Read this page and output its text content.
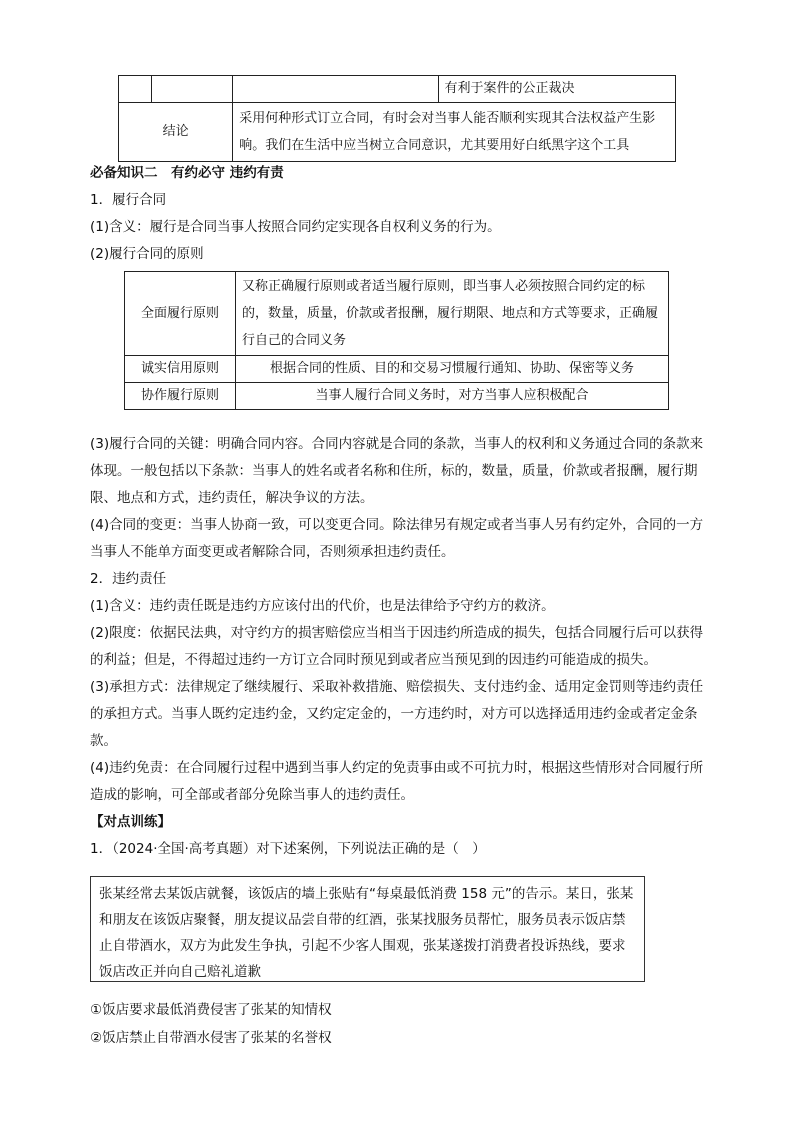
			有利于案件的公正裁决
结论		采用何种形式订立合同，有时会对当事人能否顺利实现其合法权益产生影响。我们在生活中应当树立合同意识，尤其要用好白纸黑字这个工具	

必备知识二　有约必守 违约有责

1．履行合同

(1)含义：履行是合同当事人按照合同约定实现各自权利义务的行为。

(2)履行合同的原则

全面履行原则	又称正确履行原则或者适当履行原则，即当事人必须按照合同约定的标的，数量，质量，价款或者报酬，履行期限、地点和方式等要求，正确履行自己的合同义务
诚实信用原则	根据合同的性质、目的和交易习惯履行通知、协助、保密等义务
协作履行原则	当事人履行合同义务时，对方当事人应积极配合

(3)履行合同的关键：明确合同内容。合同内容就是合同的条款，当事人的权利和义务通过合同的条款来体现。一般包括以下条款：当事人的姓名或者名称和住所，标的，数量，质量，价款或者报酬，履行期限、地点和方式，违约责任，解决争议的方法。

(4)合同的变更：当事人协商一致，可以变更合同。除法律另有规定或者当事人另有约定外，合同的一方当事人不能单方面变更或者解除合同，否则须承担违约责任。

2．违约责任

(1)含义：违约责任既是违约方应该付出的代价，也是法律给予守约方的救济。

(2)限度：依据民法典，对守约方的损害赔偿应当相当于因违约所造成的损失，包括合同履行后可以获得的利益；但是，不得超过违约一方订立合同时预见到或者应当预见到的因违约可能造成的损失。

(3)承担方式：法律规定了继续履行、采取补救措施、赔偿损失、支付违约金、适用定金罚则等违约责任的承担方式。当事人既约定违约金，又约定定金的，一方违约时，对方可以选择适用违约金或者定金条款。

(4)违约免责：在合同履行过程中遇到当事人约定的免责事由或不可抗力时，根据这些情形对合同履行所造成的影响，可全部或者部分免除当事人的违约责任。

【对点训练】

1．（2024·全国·高考真题）对下述案例，下列说法正确的是（　）

张某经常去某饭店就餐，该饭店的墙上张贴有“每桌最低消费 158 元”的告示。某日，张某和朋友在该饭店聚餐，朋友提议品尝自带的红酒，张某找服务员帮忙，服务员表示饭店禁止自带酒水，双方为此发生争执，引起不少客人围观，张某遂拨打消费者投诉热线，要求饭店改正并向自己赔礼道歉

①饭店要求最低消费侵害了张某的知情权

②饭店禁止自带酒水侵害了张某的名誉权
